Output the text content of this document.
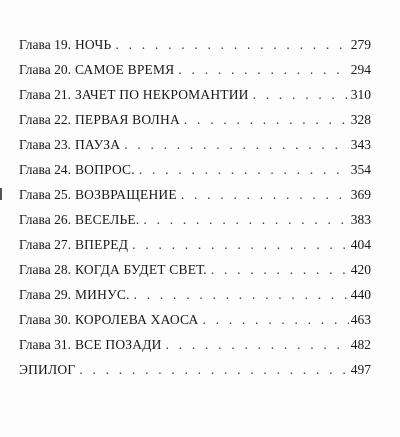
Глава 19. НОЧЬ . . .	279
Глава 20. САМОЕ ВРЕМЯ . . .	294
Глава 21. ЗАЧЕТ ПО НЕКРОМАНТИИ . . .	310
Глава 22. ПЕРВАЯ ВОЛНА . . .	328
Глава 23. ПАУЗА . . .	343
Глава 24. ВОПРОС. . . .	354
Глава 25. ВОЗВРАЩЕНИЕ . . .	369
Глава 26. ВЕСЕЛЬЕ. . . .	383
Глава 27. ВПЕРЕД . . .	404
Глава 28. КОГДА БУДЕТ СВЕТ. . . .	420
Глава 29. МИНУС. . . .	440
Глава 30. КОРОЛЕВА ХАОСА . . .	463
Глава 31. ВСЕ ПОЗАДИ . . .	482
ЭПИЛОГ . . .	497
